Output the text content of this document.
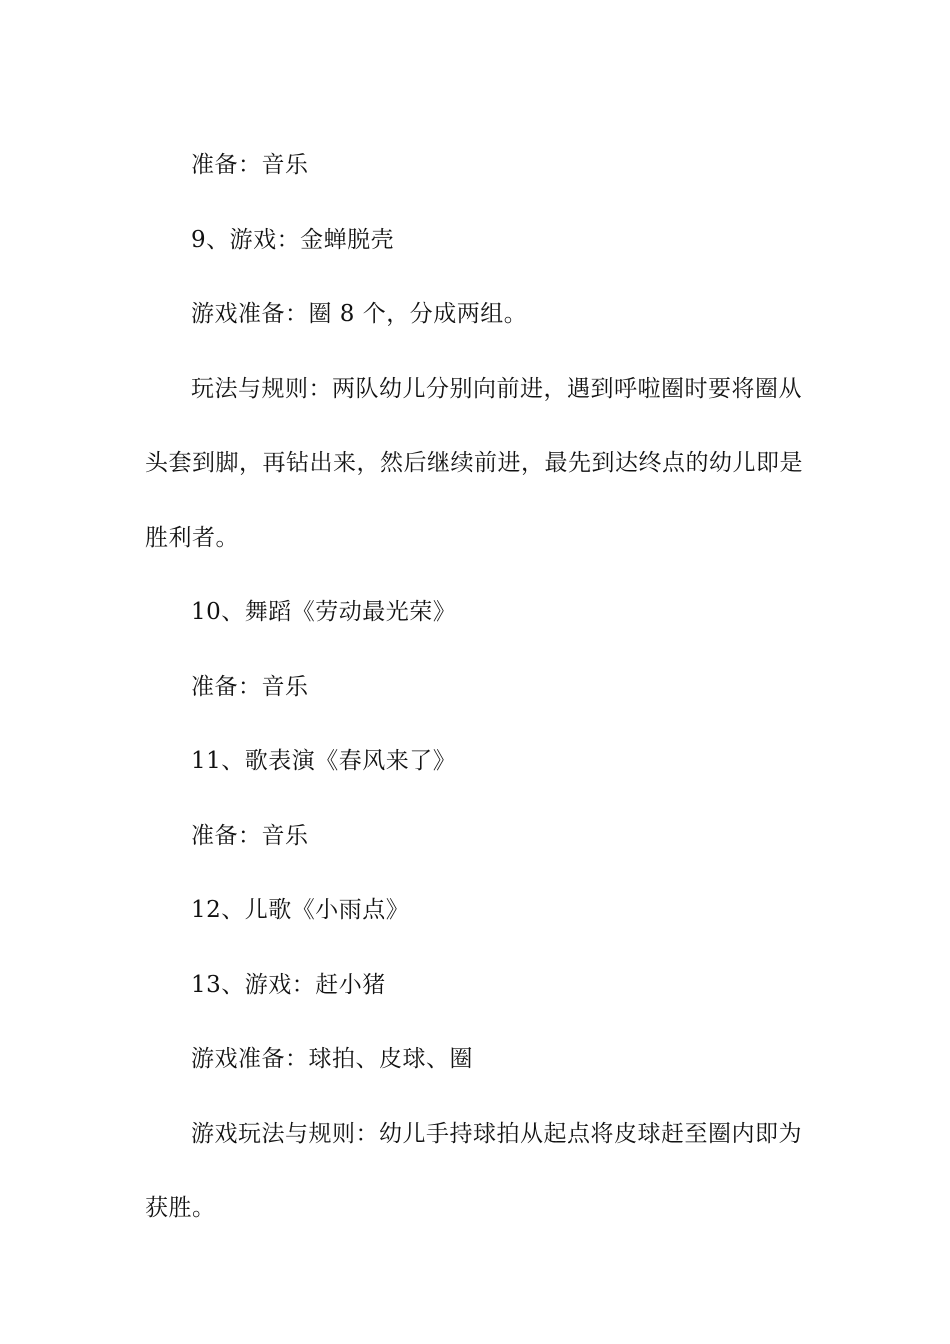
准备：音乐

9、游戏：金蝉脱壳

游戏准备：圈 8 个，分成两组。

玩法与规则：两队幼儿分别向前进，遇到呼啦圈时要将圈从头套到脚，再钻出来，然后继续前进，最先到达终点的幼儿即是胜利者。

10、舞蹈《劳动最光荣》

准备：音乐

11、歌表演《春风来了》

准备：音乐

12、儿歌《小雨点》

13、游戏：赶小猪

游戏准备：球拍、皮球、圈

游戏玩法与规则：幼儿手持球拍从起点将皮球赶至圈内即为获胜。
